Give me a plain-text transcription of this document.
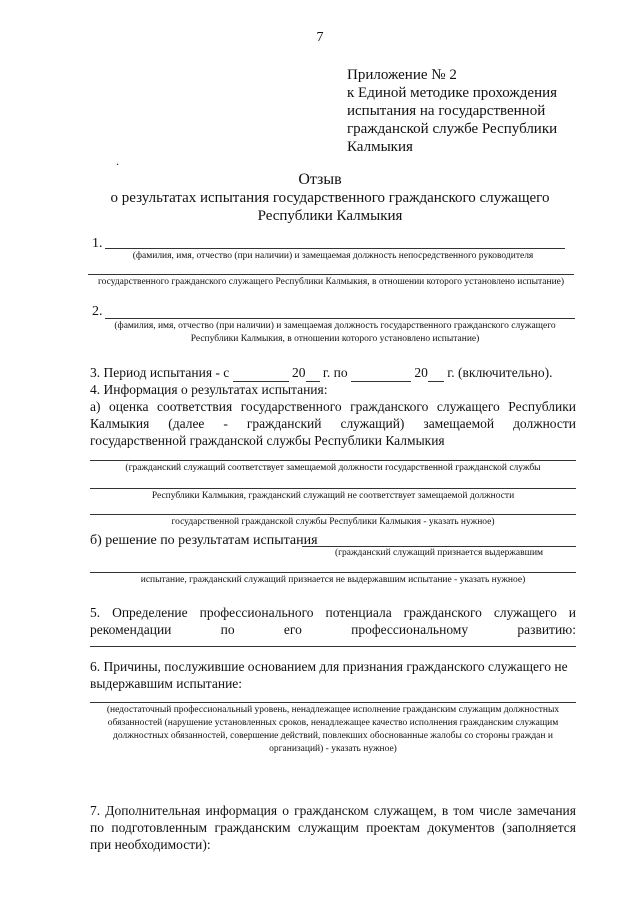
7
Приложение № 2
к Единой методике прохождения
испытания на государственной
гражданской службе Республики
Калмыкия
.
Отзыв
о результатах испытания государственного гражданского служащего Республики Калмыкия
1.
(фамилия, имя, отчество (при наличии) и замещаемая должность непосредственного руководителя
государственного гражданского служащего Республики Калмыкия, в отношении которого установлено испытание)
2.
(фамилия, имя, отчество (при наличии) и замещаемая должность государственного гражданского служащего Республики Калмыкия, в отношении которого установлено испытание)
3. Период испытания - с	20 г. по	20 г. (включительно).
4. Информация о результатах испытания:
а) оценка соответствия государственного гражданского служащего Республики Калмыкия (далее - гражданский служащий) замещаемой должности государственной гражданской службы Республики Калмыкия
(гражданский служащий соответствует замещаемой должности государственной гражданской службы
Республики Калмыкия, гражданский служащий не соответствует замещаемой должности
государственной гражданской службы Республики Калмыкия - указать нужное)
б) решение по результатам испытания
(гражданский служащий признается выдержавшим
испытание, гражданский служащий признается не выдержавшим испытание - указать нужное)
5. Определение профессионального потенциала гражданского служащего и рекомендации по его профессиональному развитию:
6. Причины, послужившие основанием для признания гражданского служащего не выдержавшим испытание:
(недостаточный профессиональный уровень, ненадлежащее исполнение гражданским служащим должностных обязанностей (нарушение установленных сроков, ненадлежащее качество исполнения гражданским служащим должностных обязанностей, совершение действий, повлекших обоснованные жалобы со стороны граждан и организаций) - указать нужное)
7. Дополнительная информация о гражданском служащем, в том числе замечания по подготовленным гражданским служащим проектам документов (заполняется при необходимости):
